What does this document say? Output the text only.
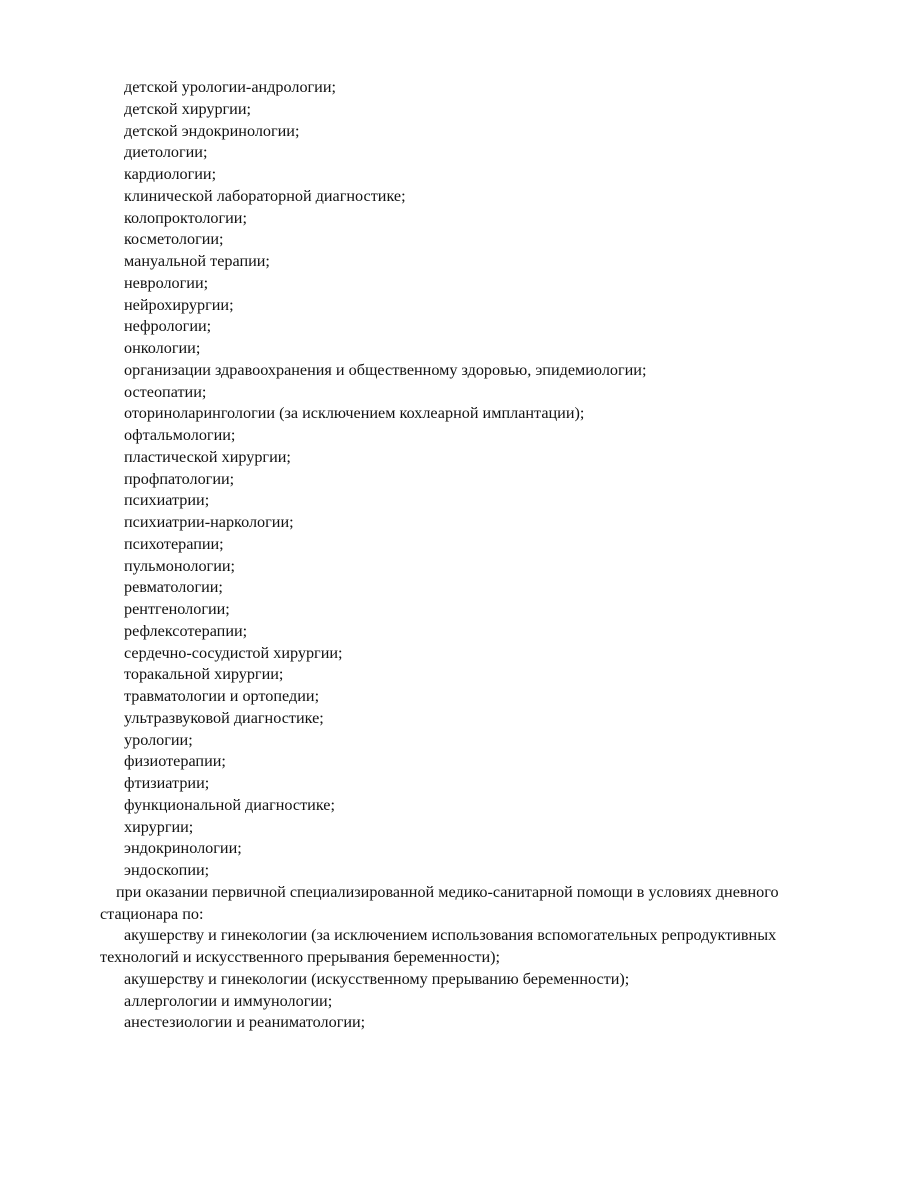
детской урологии-андрологии;

детской хирургии;

детской эндокринологии;

диетологии;

кардиологии;

клинической лабораторной диагностике;

колопроктологии;

косметологии;

мануальной терапии;

неврологии;

нейрохирургии;

нефрологии;

онкологии;

организации здравоохранения и общественному здоровью, эпидемиологии;

остеопатии;

оториноларингологии (за исключением кохлеарной имплантации);

офтальмологии;

пластической хирургии;

профпатологии;

психиатрии;

психиатрии-наркологии;

психотерапии;

пульмонологии;

ревматологии;

рентгенологии;

рефлексотерапии;

сердечно-сосудистой хирургии;

торакальной хирургии;

травматологии и ортопедии;

ультразвуковой диагностике;

урологии;

физиотерапии;

фтизиатрии;

функциональной диагностике;

хирургии;

эндокринологии;

эндоскопии;

при оказании первичной специализированной медико-санитарной помощи в условиях дневного

стационара по:

акушерству и гинекологии (за исключением использования вспомогательных репродуктивных

технологий и искусственного прерывания беременности);

акушерству и гинекологии (искусственному прерыванию беременности);

аллергологии и иммунологии;

анестезиологии и реаниматологии;
